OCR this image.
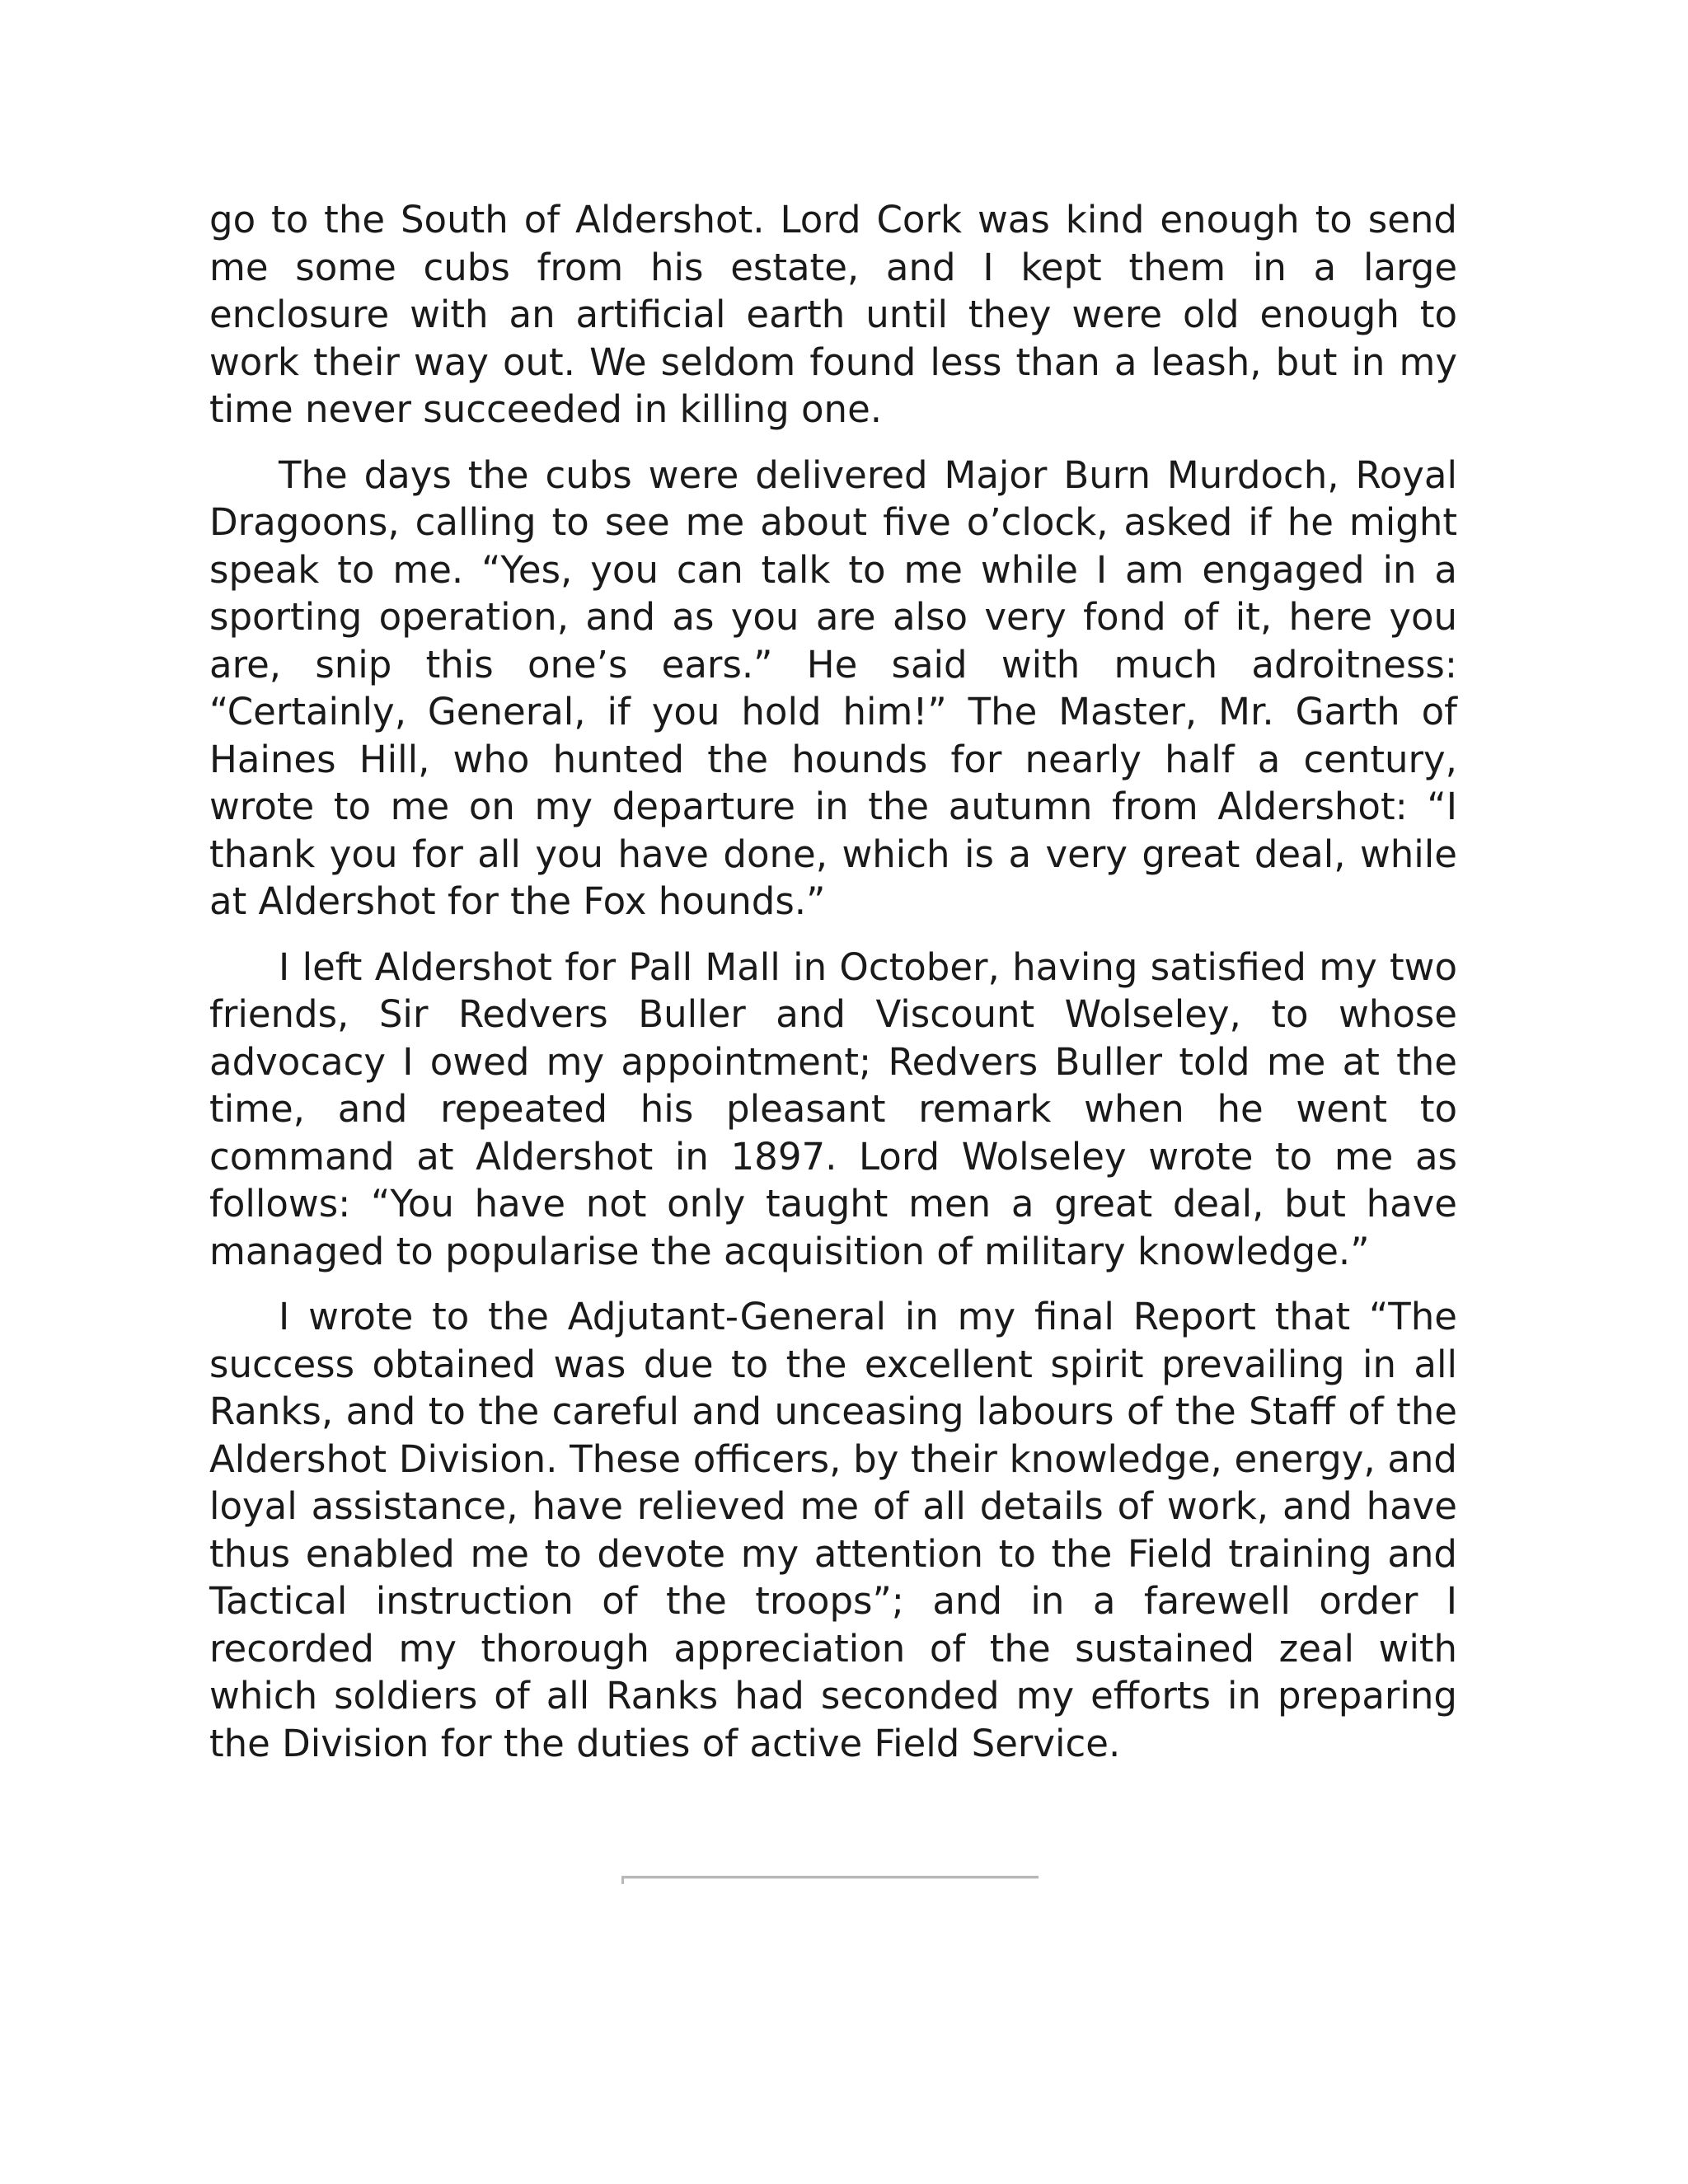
go to the South of Aldershot. Lord Cork was kind enough to send me some cubs from his estate, and I kept them in a large enclosure with an artificial earth until they were old enough to work their way out. We seldom found less than a leash, but in my time never succeeded in killing one.

The days the cubs were delivered Major Burn Murdoch, Royal Dragoons, calling to see me about five o’clock, asked if he might speak to me. “Yes, you can talk to me while I am engaged in a sporting operation, and as you are also very fond of it, here you are, snip this one’s ears.” He said with much adroitness: “Certainly, General, if you hold him!” The Master, Mr. Garth of Haines Hill, who hunted the hounds for nearly half a century, wrote to me on my departure in the autumn from Aldershot: “I thank you for all you have done, which is a very great deal, while at Aldershot for the Fox hounds.”

I left Aldershot for Pall Mall in October, having satisfied my two friends, Sir Redvers Buller and Viscount Wolseley, to whose advocacy I owed my appointment; Redvers Buller told me at the time, and repeated his pleasant remark when he went to command at Aldershot in 1897. Lord Wolseley wrote to me as follows: “You have not only taught men a great deal, but have managed to popularise the acquisition of military knowledge.”

I wrote to the Adjutant-General in my final Report that “The success obtained was due to the excellent spirit prevailing in all Ranks, and to the careful and unceasing labours of the Staff of the Aldershot Division. These officers, by their knowledge, energy, and loyal assistance, have relieved me of all details of work, and have thus enabled me to devote my attention to the Field training and Tactical instruction of the troops”; and in a farewell order I recorded my thorough appreciation of the sustained zeal with which soldiers of all Ranks had seconded my efforts in preparing the Division for the duties of active Field Service.
